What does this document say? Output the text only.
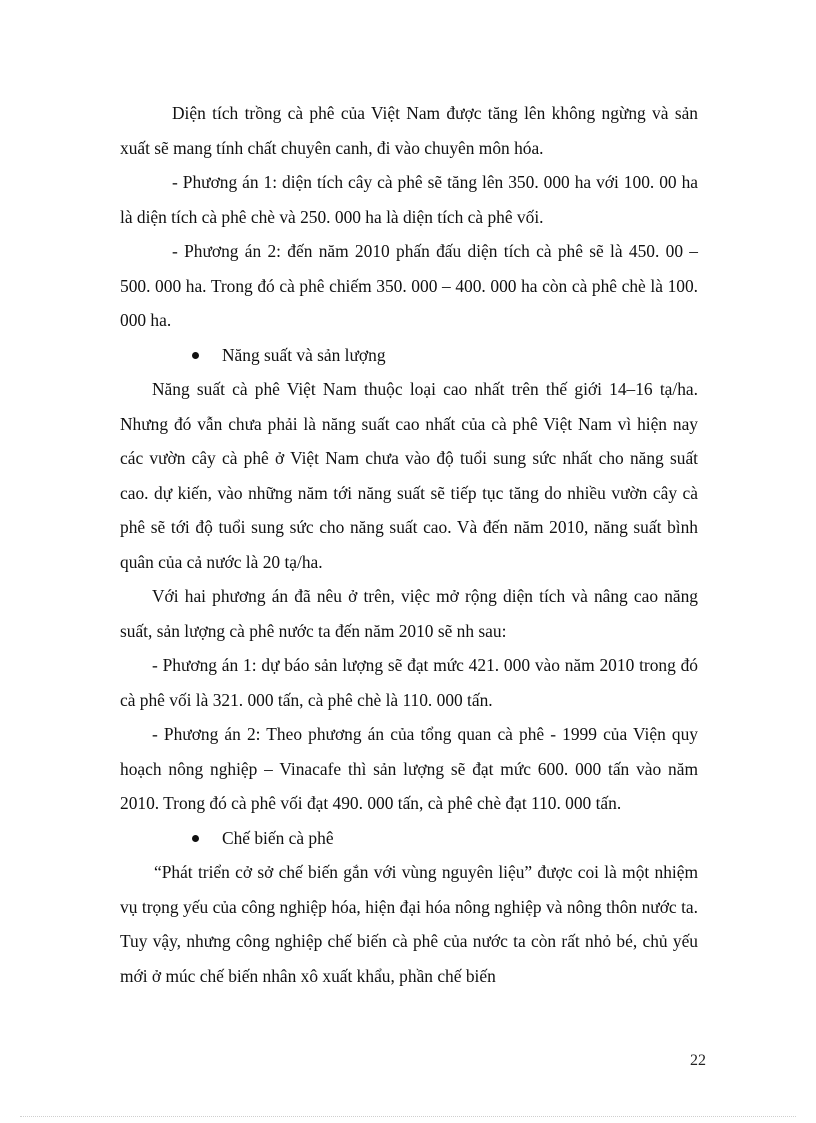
Diện tích trồng cà phê của Việt Nam được tăng lên không ngừng và sản xuất sẽ mang tính chất chuyên canh, đi vào chuyên môn hóa.

- Phương án 1: diện tích cây cà phê sẽ tăng lên 350. 000 ha với 100. 00 ha là diện tích cà phê chè và 250. 000 ha là diện tích cà phê vối.

- Phương án 2: đến năm 2010 phấn đấu diện tích cà phê sẽ là 450. 00 – 500. 000 ha. Trong đó cà phê chiếm 350. 000 – 400. 000 ha còn cà phê chè là 100. 000 ha.

Năng suất và sản lượng

Năng suất cà phê Việt Nam thuộc loại cao nhất trên thế giới 14–16 tạ/ha. Nhưng đó vẫn chưa phải là năng suất cao nhất của cà phê Việt Nam vì hiện nay các vườn cây cà phê ở Việt Nam chưa vào độ tuổi sung sức nhất cho năng suất cao. dự kiến, vào những năm tới năng suất sẽ tiếp tục tăng do nhiều vườn cây cà phê sẽ tới độ tuổi sung sức cho năng suất cao. Và đến năm 2010, năng suất bình quân của cả nước là 20 tạ/ha.

Với hai phương án đã nêu ở trên, việc mở rộng diện tích và nâng cao năng suất, sản lượng cà phê nước ta đến năm 2010 sẽ nh sau:

- Phương án 1: dự báo sản lượng sẽ đạt mức 421. 000 vào năm 2010 trong đó cà phê vối là 321. 000 tấn, cà phê chè là 110. 000 tấn.

- Phương án 2: Theo phương án của tổng quan cà phê - 1999 của Viện quy hoạch nông nghiệp – Vinacafe thì sản lượng sẽ đạt mức 600. 000 tấn vào năm 2010. Trong đó cà phê vối đạt 490. 000 tấn, cà phê chè đạt 110. 000 tấn.

Chế biến cà phê

“Phát triển cở sở chế biến gắn với vùng nguyên liệu” được coi là một nhiệm vụ trọng yếu của công nghiệp hóa, hiện đại hóa nông nghiệp và nông thôn nước ta. Tuy vậy, nhưng công nghiệp chế biến cà phê của nước ta còn rất nhỏ bé, chủ yếu mới ở múc chế biến nhân xô xuất khẩu, phần chế biến

22
